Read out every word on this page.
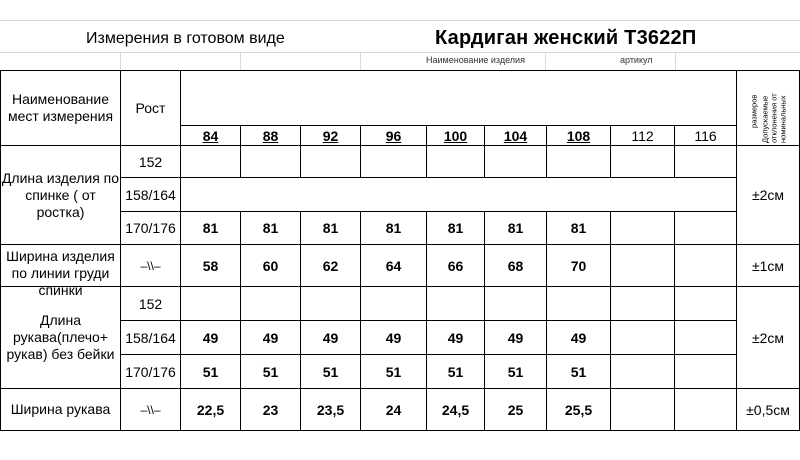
Измерения в готовом виде	Кардиган женский Т3622П
Наименование изделия	артикул
Наименование мест измерения	Рост										Допускаемые отклонения от номинальных
размеров

		84	88	92	96	100	104	108	112	116	
Длина изделия по спинке ( от ростка)	152										±2см
	158/164										
	170/176	81	81	81	81	81	81	81			

Ширина изделия по линии груди спинки	–\\–	58	60	62	64	66	68	70			±1см
Длина рукава(плечо+ рукав) без бейки	152										±2см
	158/164	49	49	49	49	49	49	49			
	170/176	51	51	51	51	51	51	51			
Ширина рукава	–\\–	22,5	23	23,5	24	24,5	25	25,5			±0,5см
